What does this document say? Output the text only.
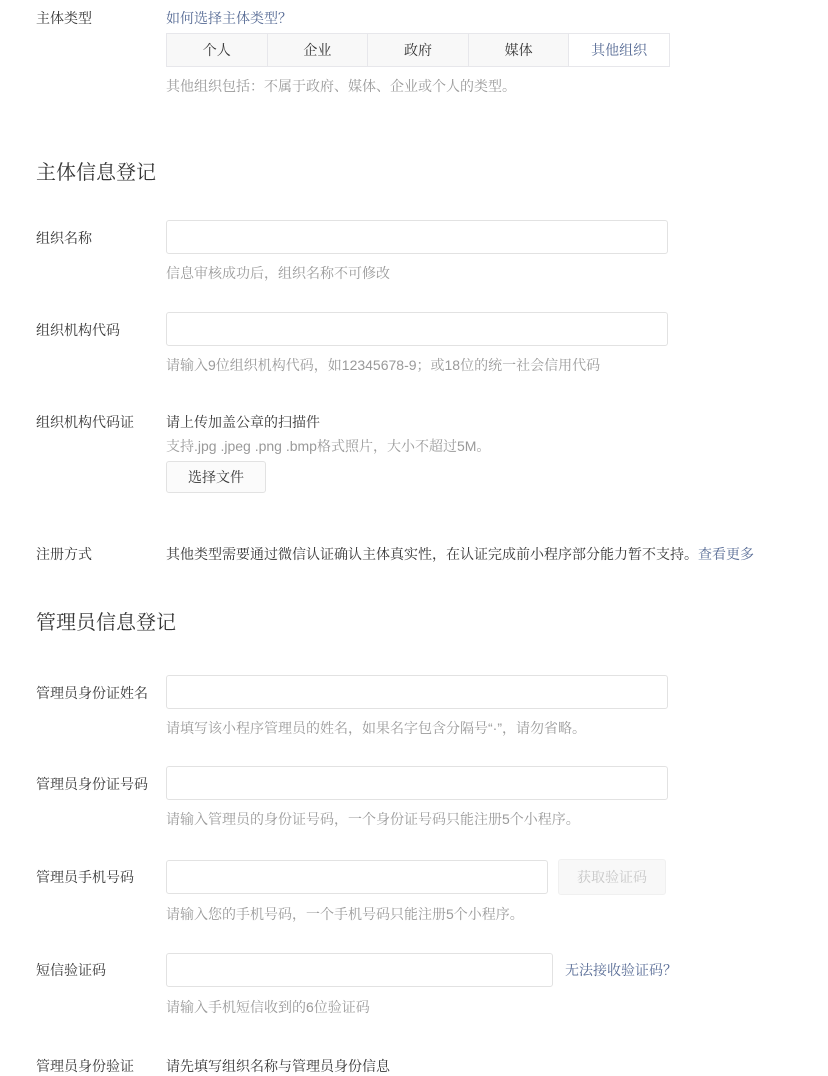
主体类型	如何选择主体类型？
个人	企业	政府	媒体	其他组织
其他组织包括：不属于政府、媒体、企业或个人的类型。
主体信息登记
组织名称
信息审核成功后，组织名称不可修改
组织机构代码
请输入9位组织机构代码，如12345678-9；或18位的统一社会信用代码
组织机构代码证	请上传加盖公章的扫描件
支持.jpg .jpeg .png .bmp格式照片，大小不超过5M。
选择文件
注册方式	其他类型需要通过微信认证确认主体真实性，在认证完成前小程序部分能力暂不支持。查看更多
管理员信息登记
管理员身份证姓名
请填写该小程序管理员的姓名，如果名字包含分隔号“·”，请勿省略。
管理员身份证号码
请输入管理员的身份证号码，一个身份证号码只能注册5个小程序。
管理员手机号码	获取验证码
请输入您的手机号码，一个手机号码只能注册5个小程序。
短信验证码	无法接收验证码？
请输入手机短信收到的6位验证码
管理员身份验证	请先填写组织名称与管理员身份信息
